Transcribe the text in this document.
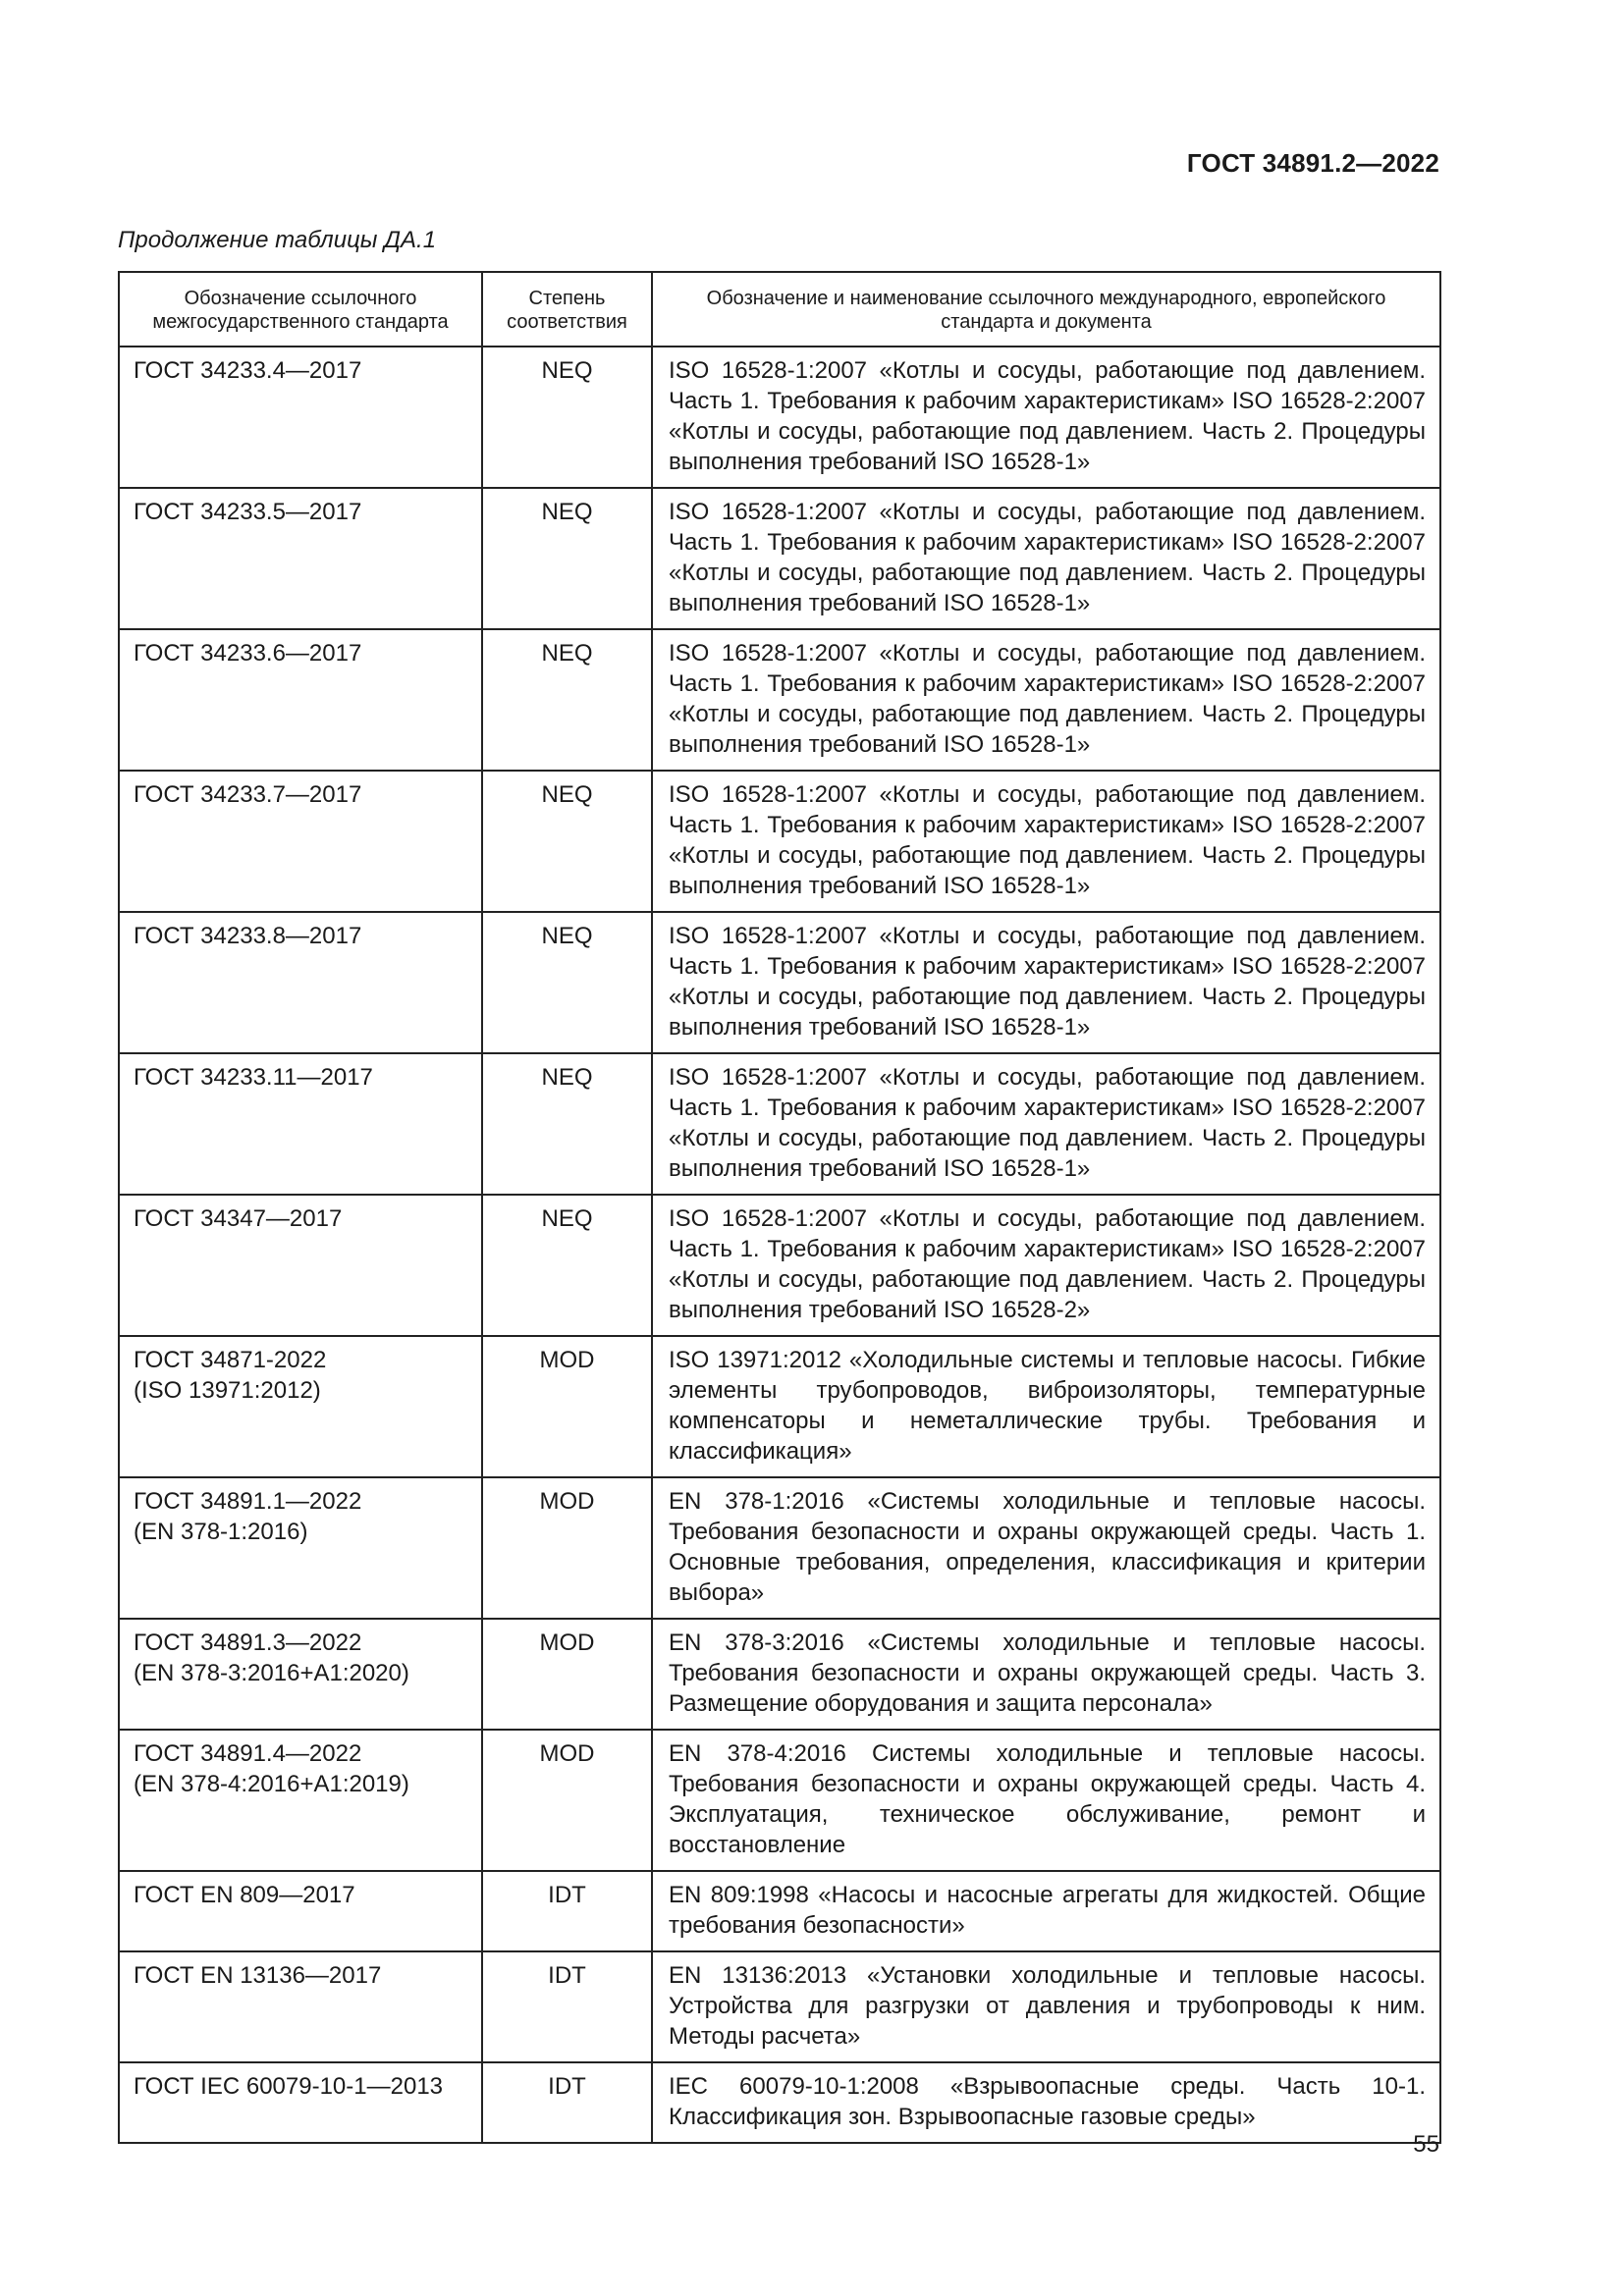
ГОСТ 34891.2—2022
Продолжение таблицы ДА.1
Обозначение ссылочного межгосударственного стандарта	Степень соответствия	Обозначение и наименование ссылочного международного, европейского стандарта и документа
ГОСТ 34233.4—2017	NEQ	ISO 16528-1:2007 «Котлы и сосуды, работающие под давлением. Часть 1. Требования к рабочим характеристикам» ISO 16528-2:2007 «Котлы и сосуды, работающие под давлением. Часть 2. Процедуры выполнения требований ISO 16528-1»
ГОСТ 34233.5—2017	NEQ	ISO 16528-1:2007 «Котлы и сосуды, работающие под давлением. Часть 1. Требования к рабочим характеристикам» ISO 16528-2:2007 «Котлы и сосуды, работающие под давлением. Часть 2. Процедуры выполнения требований ISO 16528-1»
ГОСТ 34233.6—2017	NEQ	ISO 16528-1:2007 «Котлы и сосуды, работающие под давлением. Часть 1. Требования к рабочим характеристикам» ISO 16528-2:2007 «Котлы и сосуды, работающие под давлением. Часть 2. Процедуры выполнения требований ISO 16528-1»
ГОСТ 34233.7—2017	NEQ	ISO 16528-1:2007 «Котлы и сосуды, работающие под давлением. Часть 1. Требования к рабочим характеристикам» ISO 16528-2:2007 «Котлы и сосуды, работающие под давлением. Часть 2. Процедуры выполнения требований ISO 16528-1»
ГОСТ 34233.8—2017	NEQ	ISO 16528-1:2007 «Котлы и сосуды, работающие под давлением. Часть 1. Требования к рабочим характеристикам» ISO 16528-2:2007 «Котлы и сосуды, работающие под давлением. Часть 2. Процедуры выполнения требований ISO 16528-1»
ГОСТ 34233.11—2017	NEQ	ISO 16528-1:2007 «Котлы и сосуды, работающие под давлением. Часть 1. Требования к рабочим характеристикам» ISO 16528-2:2007 «Котлы и сосуды, работающие под давлением. Часть 2. Процедуры выполнения требований ISO 16528-1»
ГОСТ 34347—2017	NEQ	ISO 16528-1:2007 «Котлы и сосуды, работающие под давлением. Часть 1. Требования к рабочим характеристикам» ISO 16528-2:2007 «Котлы и сосуды, работающие под давлением. Часть 2. Процедуры выполнения требований ISO 16528-2»
ГОСТ 34871-2022
(ISO 13971:2012)	MOD	ISO 13971:2012 «Холодильные системы и тепловые насосы. Гибкие элементы трубопроводов, виброизоляторы, температурные компенсаторы и неметаллические трубы. Требования и классификация»
ГОСТ 34891.1—2022
(EN 378-1:2016)	MOD	EN 378-1:2016 «Системы холодильные и тепловые насосы. Требования безопасности и охраны окружающей среды. Часть 1. Основные требования, определения, классификация и критерии выбора»
ГОСТ 34891.3—2022
(EN 378-3:2016+A1:2020)	MOD	EN 378-3:2016 «Системы холодильные и тепловые насосы. Требования безопасности и охраны окружающей среды. Часть 3. Размещение оборудования и защита персонала»
ГОСТ 34891.4—2022
(EN 378-4:2016+A1:2019)	MOD	EN 378-4:2016 Системы холодильные и тепловые насосы. Требования безопасности и охраны окружающей среды. Часть 4. Эксплуатация, техническое обслуживание, ремонт и восстановление
ГОСТ EN 809—2017	IDT	EN 809:1998 «Насосы и насосные агрегаты для жидкостей. Общие требования безопасности»
ГОСТ EN 13136—2017	IDT	EN 13136:2013 «Установки холодильные и тепловые насосы. Устройства для разгрузки от давления и трубопроводы к ним. Методы расчета»
ГОСТ IEC 60079-10-1—2013	IDT	IEC 60079-10-1:2008 «Взрывоопасные среды. Часть 10-1. Классификация зон. Взрывоопасные газовые среды»
55
